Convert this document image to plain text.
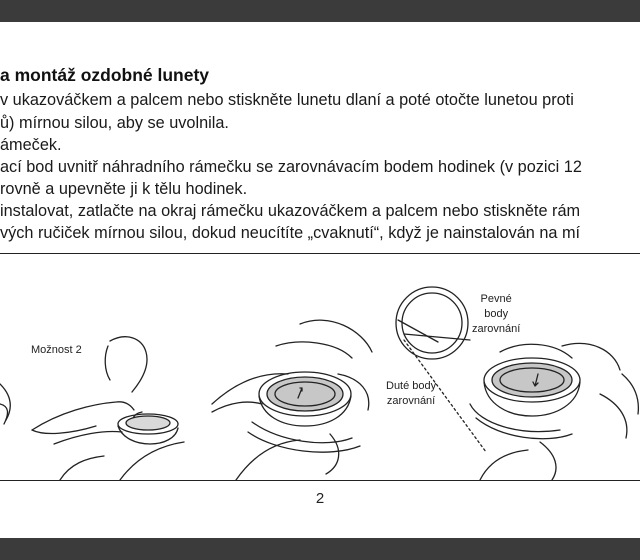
a montáž ozdobné lunety

v ukazováčkem a palcem nebo stiskněte lunetu dlaní a poté otočte lunetou proti

ů) mírnou silou, aby se uvolnila.

ámeček.

ací bod uvnitř náhradního rámečku se zarovnávacím bodem hodinek (v pozici 12

rovně a upevněte ji k tělu hodinek.

instalovat, zatlačte na okraj rámečku ukazováčkem a palcem nebo stiskněte rám

vých ručiček mírnou silou, dokud neucítíte „cvaknutí“, když je nainstalován na mí

Možnost 2
Duté body
zarovnání
Pevné
body
zarovnání
2
